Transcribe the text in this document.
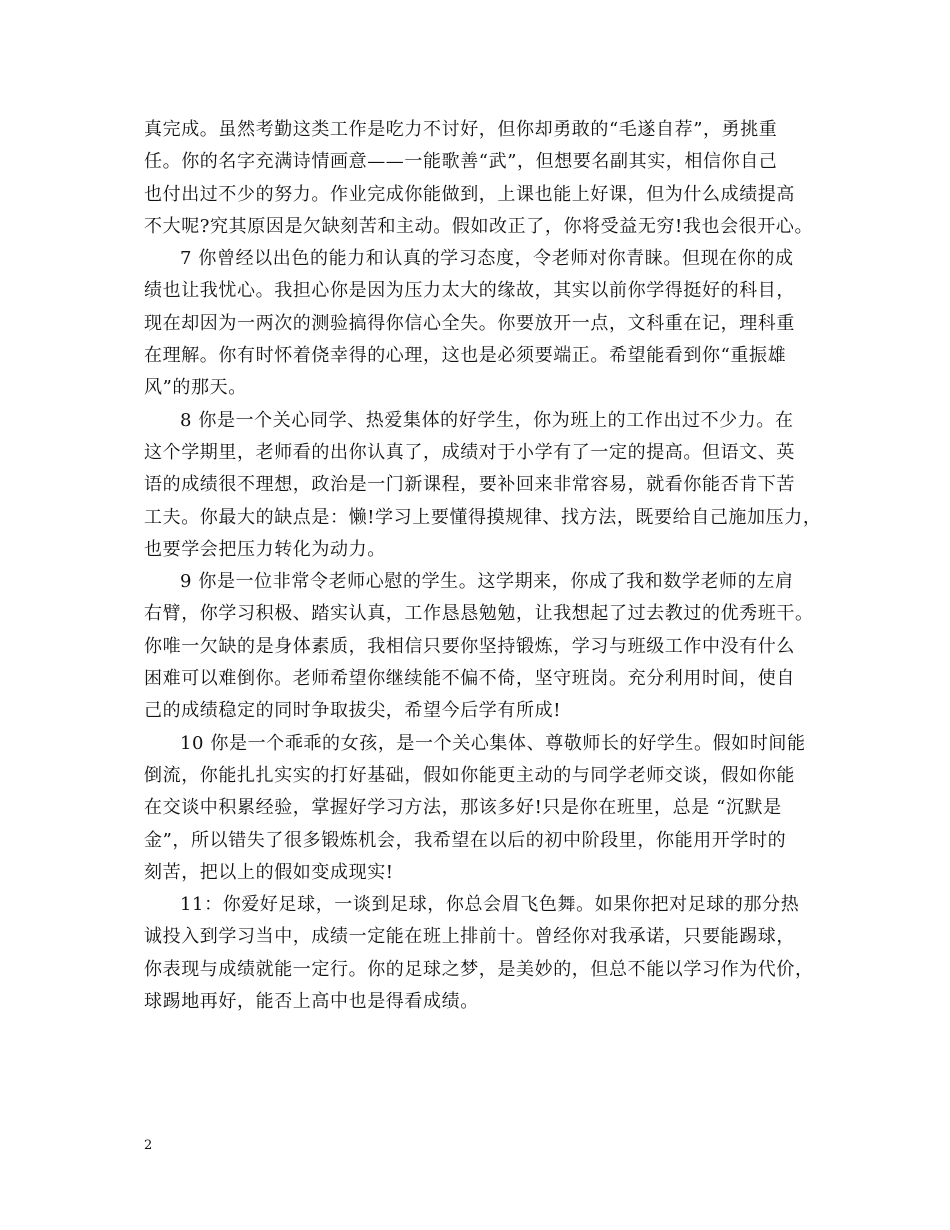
真完成。虽然考勤这类工作是吃力不讨好，但你却勇敢的“毛遂自荐”，勇挑重
任。你的名字充满诗情画意——一能歌善“武”，但想要名副其实，相信你自己
也付出过不少的努力。作业完成你能做到，上课也能上好课，但为什么成绩提高
不大呢?究其原因是欠缺刻苦和主动。假如改正了，你将受益无穷!我也会很开心。
7 你曾经以出色的能力和认真的学习态度，令老师对你青睐。但现在你的成
绩也让我忧心。我担心你是因为压力太大的缘故，其实以前你学得挺好的科目，
现在却因为一两次的测验搞得你信心全失。你要放开一点，文科重在记，理科重
在理解。你有时怀着侥幸得的心理，这也是必须要端正。希望能看到你“重振雄
风”的那天。
8 你是一个关心同学、热爱集体的好学生，你为班上的工作出过不少力。在
这个学期里，老师看的出你认真了，成绩对于小学有了一定的提高。但语文、英
语的成绩很不理想，政治是一门新课程，要补回来非常容易，就看你能否肯下苦
工夫。你最大的缺点是：懒!学习上要懂得摸规律、找方法，既要给自己施加压力，
也要学会把压力转化为动力。
9 你是一位非常令老师心慰的学生。这学期来，你成了我和数学老师的左肩
右臂，你学习积极、踏实认真，工作恳恳勉勉，让我想起了过去教过的优秀班干。
你唯一欠缺的是身体素质，我相信只要你坚持锻炼，学习与班级工作中没有什么
困难可以难倒你。老师希望你继续能不偏不倚，坚守班岗。充分利用时间，使自
己的成绩稳定的同时争取拔尖，希望今后学有所成!
10 你是一个乖乖的女孩，是一个关心集体、尊敬师长的好学生。假如时间能
倒流，你能扎扎实实的打好基础，假如你能更主动的与同学老师交谈，假如你能
在交谈中积累经验，掌握好学习方法，那该多好!只是你在班里，总是 “沉默是
金”，所以错失了很多锻炼机会，我希望在以后的初中阶段里，你能用开学时的
刻苦，把以上的假如变成现实!
11：你爱好足球，一谈到足球，你总会眉飞色舞。如果你把对足球的那分热
诚投入到学习当中，成绩一定能在班上排前十。曾经你对我承诺，只要能踢球，
你表现与成绩就能一定行。你的足球之梦，是美妙的，但总不能以学习作为代价，
球踢地再好，能否上高中也是得看成绩。
2
